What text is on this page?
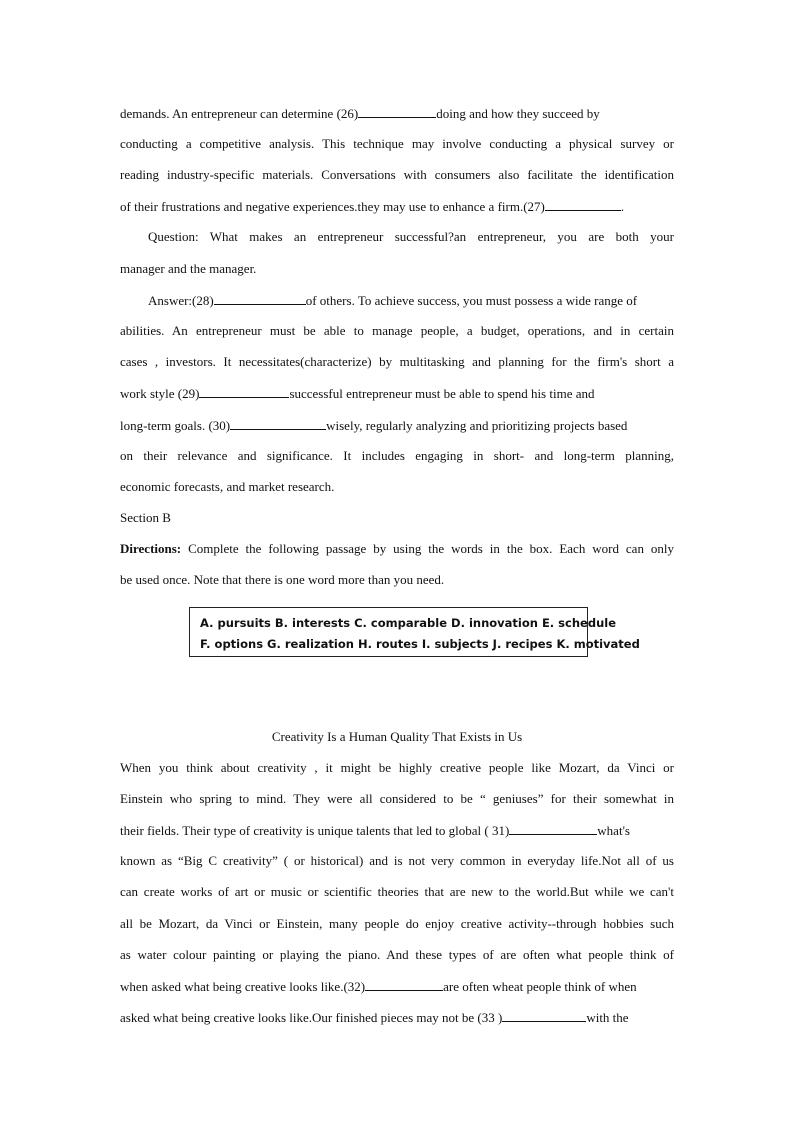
demands. An entrepreneur can determine (26)	doing and how they succeed by
conducting a competitive analysis. This technique may involve conducting a physical survey or
reading industry-specific materials. Conversations with consumers also facilitate the identification
of their frustrations and negative experiences.they may use to enhance a firm.(27)	.
Question: What makes an entrepreneur successful?an entrepreneur, you are both your
manager and the manager.
Answer:(28)	of others. To achieve success, you must possess a wide range of
abilities. An entrepreneur must be able to manage people, a budget, operations, and in certain
cases , investors. It necessitates(characterize) by multitasking and planning for the firm's short a
work style (29)	successful entrepreneur must be able to spend his time and
long-term goals. (30)	wisely, regularly analyzing and prioritizing projects based
on their relevance and significance. It includes engaging in short- and long-term planning,
economic forecasts, and market research.
Section B
Directions: Complete the following passage by using the words in the box. Each word can only
be used once. Note that there is one word more than you need.
A. pursuits B. interests C. comparable D. innovation E. schedule
F. options G. realization H. routes I. subjects J. recipes K. motivated
Creativity Is a Human Quality That Exists in Us
When you think about creativity , it might be highly creative people like Mozart, da Vinci or
Einstein who spring to mind. They were all considered to be “ geniuses” for their somewhat in
their fields. Their type of creativity is unique talents that led to global ( 31)	what's
known as “Big C creativity” ( or historical) and is not very common in everyday life.Not all of us
can create works of art or music or scientific theories that are new to the world.But while we can't
all be Mozart, da Vinci or Einstein, many people do enjoy creative activity--through hobbies such
as water colour painting or playing the piano. And these types of are often what people think of
when asked what being creative looks like.(32)	are often wheat people think of when
asked what being creative looks like.Our finished pieces may not be (33 )	with the
